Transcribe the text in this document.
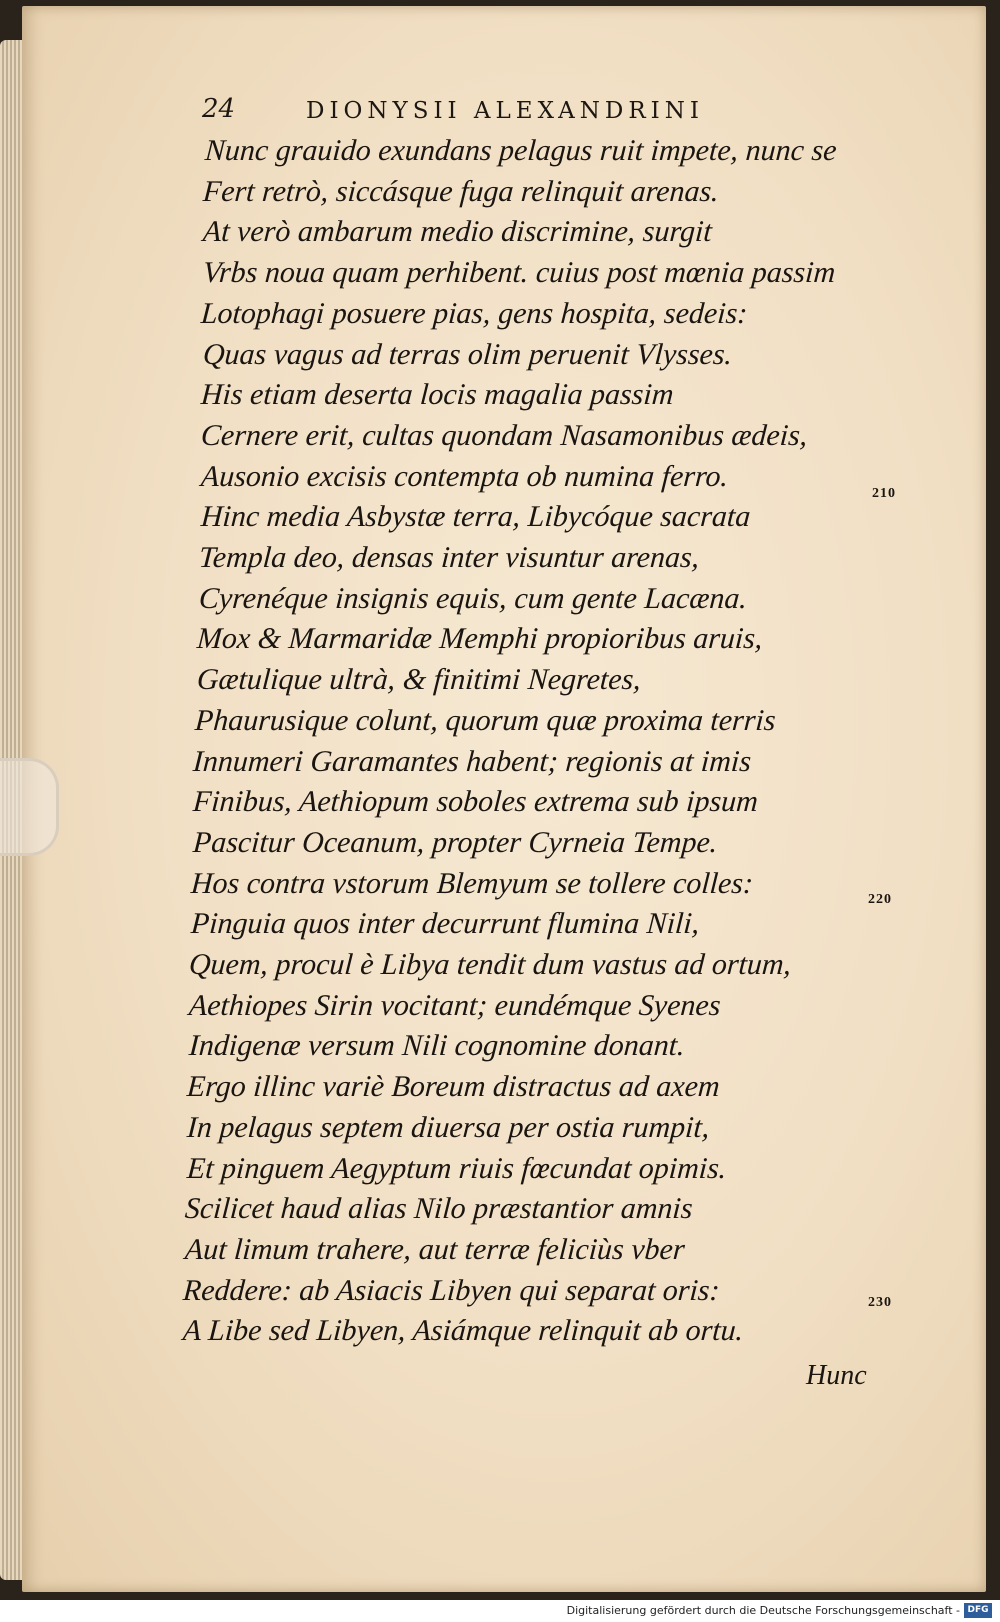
24	DIONYSII ALEXANDRINI
Nunc grauido exundans pelagus ruit impete, nunc se
Fert retrò, siccásque fuga relinquit arenas.
At verò ambarum medio discrimine, surgit
Vrbs noua quam perhibent. cuius post mœnia passim
Lotophagi posuere pias, gens hospita, sedeis:
Quas vagus ad terras olim peruenit Vlysses.
His etiam deserta locis magalia passim
Cernere erit, cultas quondam Nasamonibus ædeis,
Ausonio excisis contempta ob numina ferro.
Hinc media Asbystæ terra, Libycóque sacrata
Templa deo, densas inter visuntur arenas,
Cyrenéque insignis equis, cum gente Lacæna.
Mox & Marmaridæ Memphi propioribus aruis,
Gætulique ultrà, & finitimi Negretes,
Phaurusique colunt, quorum quæ proxima terris
Innumeri Garamantes habent; regionis at imis
Finibus, Aethiopum soboles extrema sub ipsum
Pascitur Oceanum, propter Cyrneia Tempe.
Hos contra vstorum Blemyum se tollere colles:
Pinguia quos inter decurrunt flumina Nili,
Quem, procul è Libya tendit dum vastus ad ortum,
Aethiopes Sirin vocitant; eundémque Syenes
Indigenæ versum Nili cognomine donant.
Ergo illinc variè Boreum distractus ad axem
In pelagus septem diuersa per ostia rumpit,
Et pinguem Aegyptum riuis fœcundat opimis.
Scilicet haud alias Nilo præstantior amnis
Aut limum trahere, aut terræ feliciùs vber
Reddere: ab Asiacis Libyen qui separat oris:
A Libe sed Libyen, Asiámque relinquit ab ortu.
210
220
230
Hunc
Digitalisierung gefördert durch die Deutsche Forschungsgemeinschaft - DFG
